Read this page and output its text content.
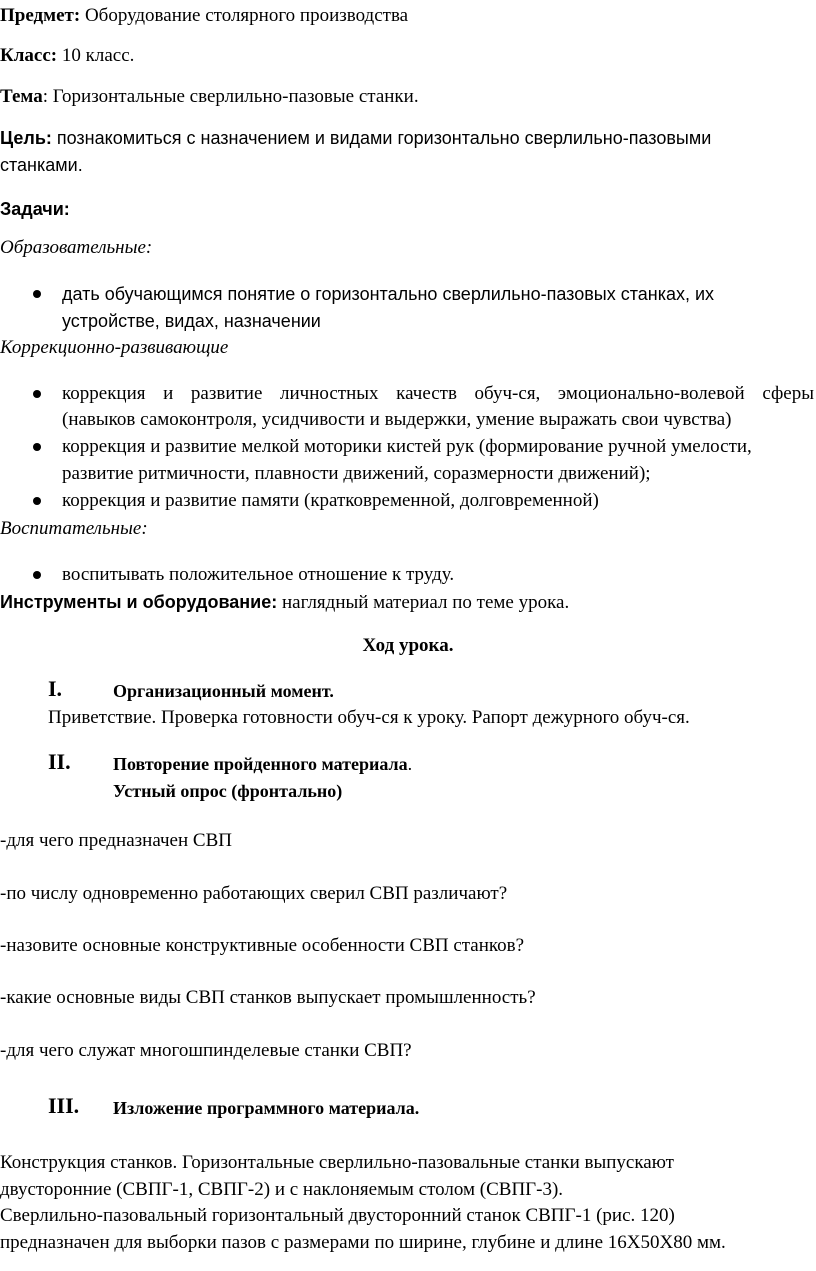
Предмет: Оборудование столярного производства
Класс: 10 класс.
Тема: Горизонтальные сверлильно-пазовые станки.
Цель: познакомиться с назначением и видами горизонтально сверлильно-пазовыми
станками.
Задачи:
Образовательные:
дать обучающимся понятие о горизонтально сверлильно-пазовых станках, их
устройстве, видах, назначении
Коррекционно-развивающие
коррекция и развитие личностных качеств обуч-ся, эмоционально-волевой сферы
(навыков самоконтроля, усидчивости и выдержки, умение выражать свои чувства)
коррекция и развитие мелкой моторики кистей рук (формирование ручной умелости,
развитие ритмичности, плавности движений, соразмерности движений);
коррекция и развитие памяти (кратковременной, долговременной)
Воспитательные:
воспитывать положительное отношение к труду.
Инструменты и оборудование: наглядный материал по теме урока.
Ход урока.
I.	Организационный момент.
Приветствие. Проверка готовности обуч-ся к уроку. Рапорт дежурного обуч-ся.
II. Повторение пройденного материала.
Устный опрос (фронтально)
-для чего предназначен СВП
-по числу одновременно работающих сверил СВП различают?
-назовите основные конструктивные особенности СВП станков?
-какие основные виды СВП станков выпускает промышленность?
-для чего служат многошпинделевые станки СВП?
III. Изложение программного материала.
Конструкция станков. Горизонтальные сверлильно-пазовальные станки выпускают
двусторонние (СВПГ-1, СВПГ-2) и с наклоняемым столом (СВПГ-3).
Сверлильно-пазовальный горизонтальный двусторонний станок СВПГ-1 (рис. 120)
предназначен для выборки пазов с размерами по ширине, глубине и длине 16X50X80 мм.
